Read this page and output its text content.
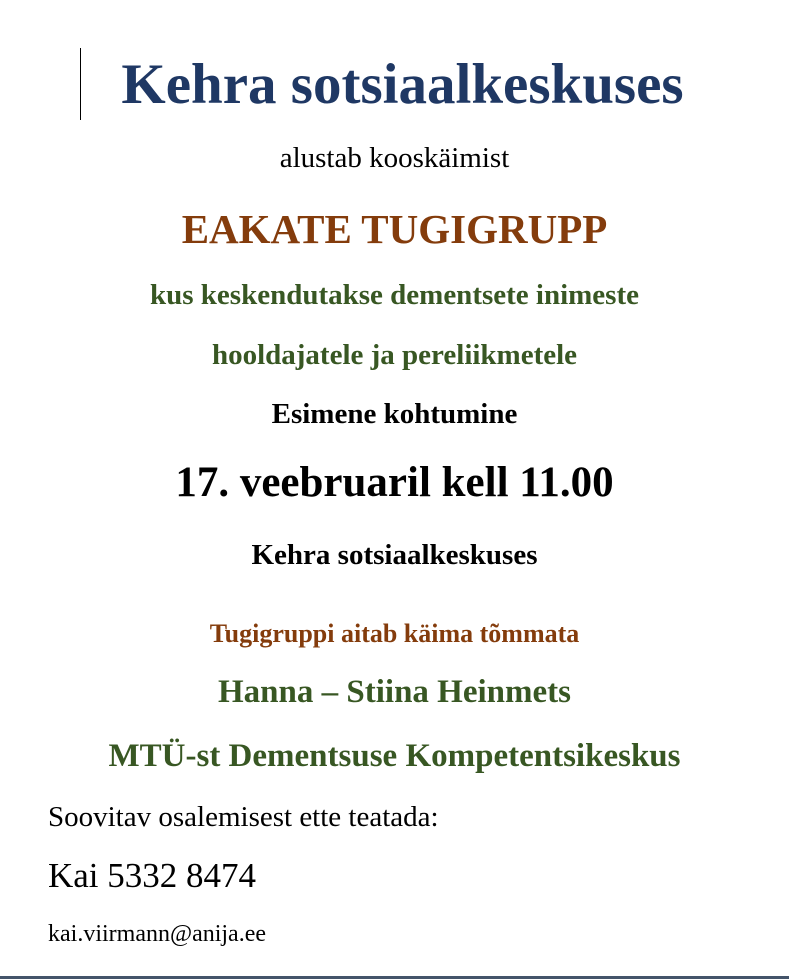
Kehra sotsiaalkeskuses
alustab kooskäimist
EAKATE TUGIGRUPP
kus keskendutakse dementsete inimeste
hooldajatele ja pereliikmetele
Esimene kohtumine
17. veebruaril kell 11.00
Kehra sotsiaalkeskuses
Tugigruppi aitab käima tõmmata
Hanna – Stiina Heinmets
MTÜ-st Dementsuse Kompetentsikeskus
Soovitav osalemisest ette teatada:
Kai 5332 8474
kai.viirmann@anija.ee
